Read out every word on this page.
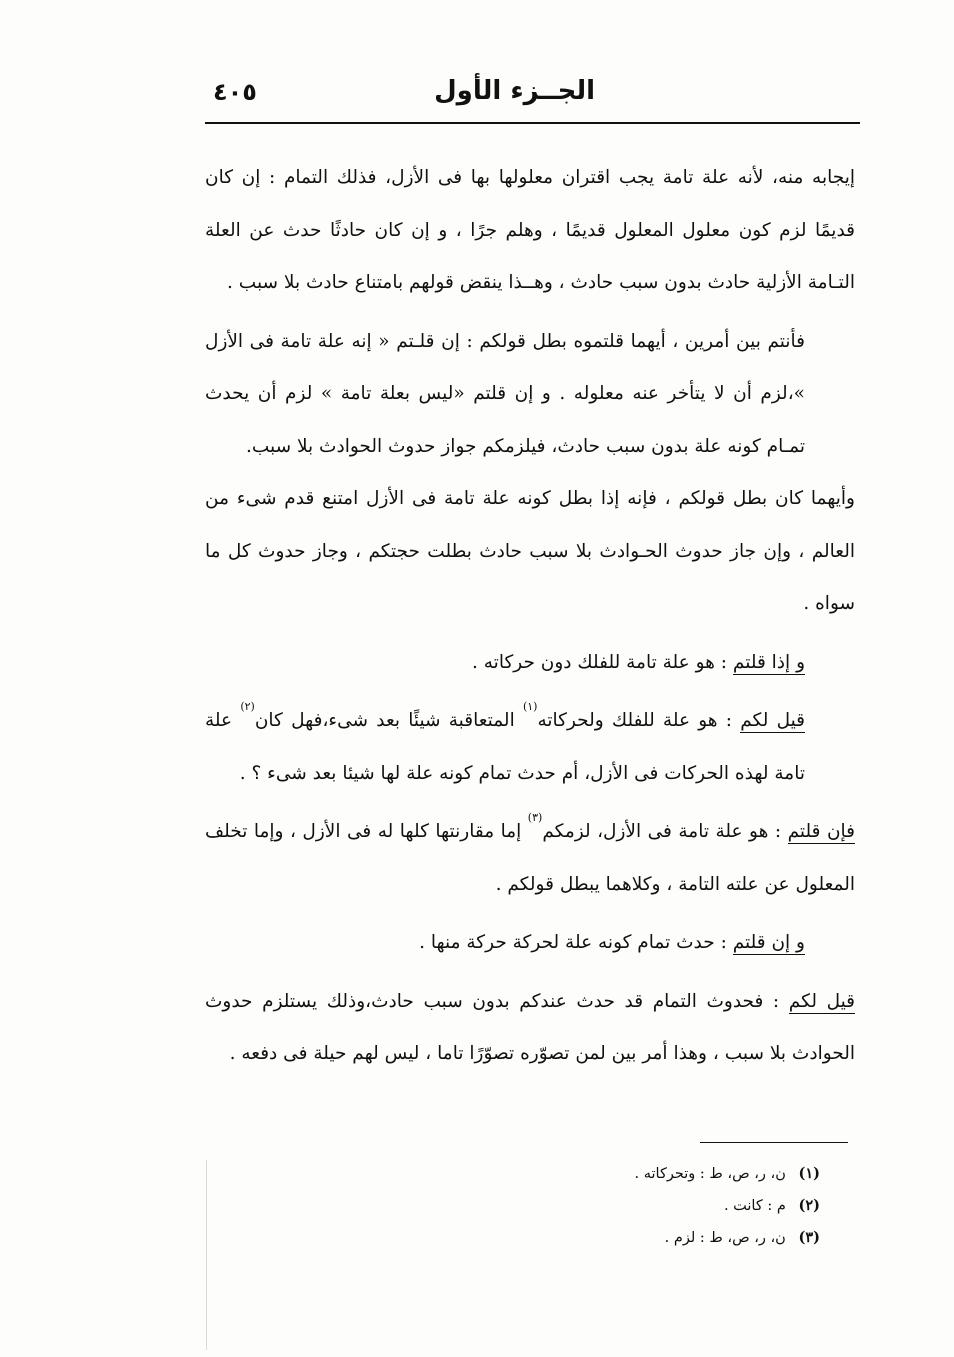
الجــزء الأول
٤٠٥

إيجابه منه، لأنه علة تامة يجب اقتران معلولها بها فى الأزل، فذلك التمام : إن كان قديمًا لزم كون معلول المعلول قديمًا ، وهلم جرًا ، و إن كان حادثًا حدث عن العلة التـامة الأزلية حادث بدون سبب حادث ، وهــذا ينقض قولهم بامتناع حادث بلا سبب .

فأنتم بين أمرين ، أيهما قلتموه بطل قولكم : إن قلـتم « إنه علة تامة فى الأزل »،لزم أن لا يتأخر عنه معلوله . و إن قلتم «ليس بعلة تامة » لزم أن يحدث تمـام كونه علة بدون سبب حادث، فيلزمكم جواز حدوث الحوادث بلا سبب.

وأيهما كان بطل قولكم ، فإنه إذا بطل كونه علة تامة فى الأزل امتنع قدم شىء من العالم ، وإن جاز حدوث الحـوادث بلا سبب حادث بطلت حجتكم ، وجاز حدوث كل ما سواه .

و إذا قلتم : هو علة تامة للفلك دون حركاته .

قيل لكم : هو علة للفلك ولحركاته$^{(١)}$ المتعاقبة شيئًا بعد شىء،فهل كان$^{(٢)}$ علة تامة لهذه الحركات فى الأزل، أم حدث تمام كونه علة لها شيئا بعد شىء ؟ .

فإن قلتم : هو علة تامة فى الأزل، لزمكم$^{(٣)}$ إما مقارنتها كلها له فى الأزل ، وإما تخلف المعلول عن علته التامة ، وكلاهما يبطل قولكم .

و إن قلتم : حدث تمام كونه علة لحركة حركة منها .

قيل لكم : فحدوث التمام قد حدث عندكم بدون سبب حادث،وذلك يستلزم حدوث الحوادث بلا سبب ، وهذا أمر بين لمن تصوّره تصوّرًا تاما ، ليس لهم حيلة فى دفعه .

(١) ن، ر، ص، ط : وتحركاته .
(٢) م : كانت .
(٣) ن، ر، ص، ط : لزم .
